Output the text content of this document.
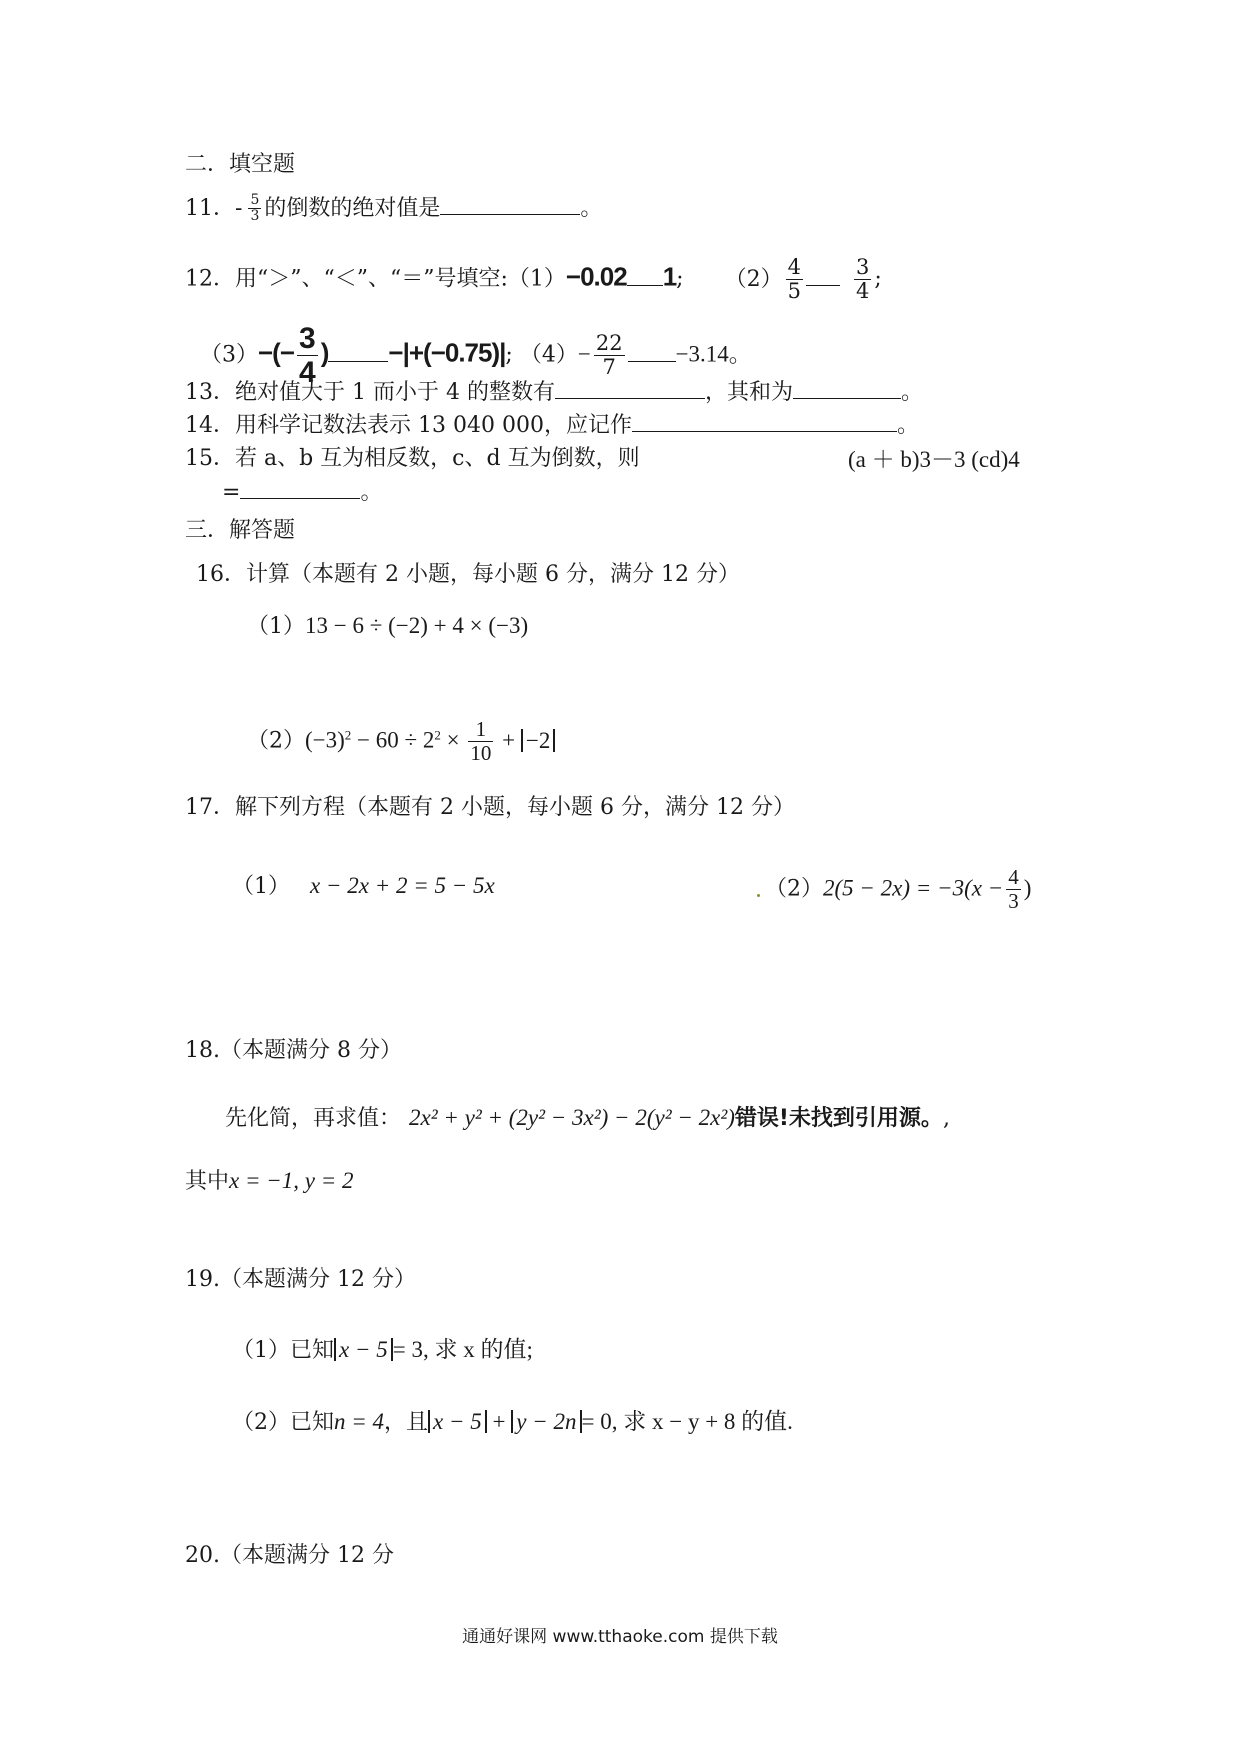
二．填空题
11．- $\frac{5}{3}$ 的倒数的绝对值是	。
12．用“＞”、“＜”、“＝”号填空:（1）−0.02 1; $(2) \frac{4}{5} \frac{3}{4}$ ;
$(3)-(- \frac{3}{4}$ ) −|+(−0.75)|; $(4)- \frac{22}{7} -3.14$。
13．绝对值大于 1 而小于 4 的整数有	，其和为	。
14．用科学记数法表示 13 040 000，应记作	。
15．若 a、b 互为相反数，c、d 互为倒数，则	(a ＋ b)3－3 (cd)4
=	。
三．解答题
16．计算（本题有 2 小题，每小题 6 分，满分 12 分）
（1）13 − 6 ÷ (−2) + 4 × (−3)
$(2)(-3)^2 - 60 \div 2^2 \times \frac{1}{10} + -2$
17．解下列方程（本题有 2 小题，每小题 6 分，满分 12 分）
（1） x − 2x + 2 = 5 − 5x	$(2)2(5 - 2x) = -3(x - \frac{4}{3}$ )
18.（本题满分 8 分）
先化简，再求值： 2x² + y² + (2y² − 3x²) − 2(y² − 2x²)错误!未找到引用源。,
其中x = −1, y = 2
19.（本题满分 12 分）
（1）已知 x − 5 = 3, 求 x 的值;
（2）已知n = 4，且 x − 5 + y − 2n = 0, 求 x − y + 8 的值.
20.（本题满分 12 分
通通好课网 www.tthaoke.com 提供下载
